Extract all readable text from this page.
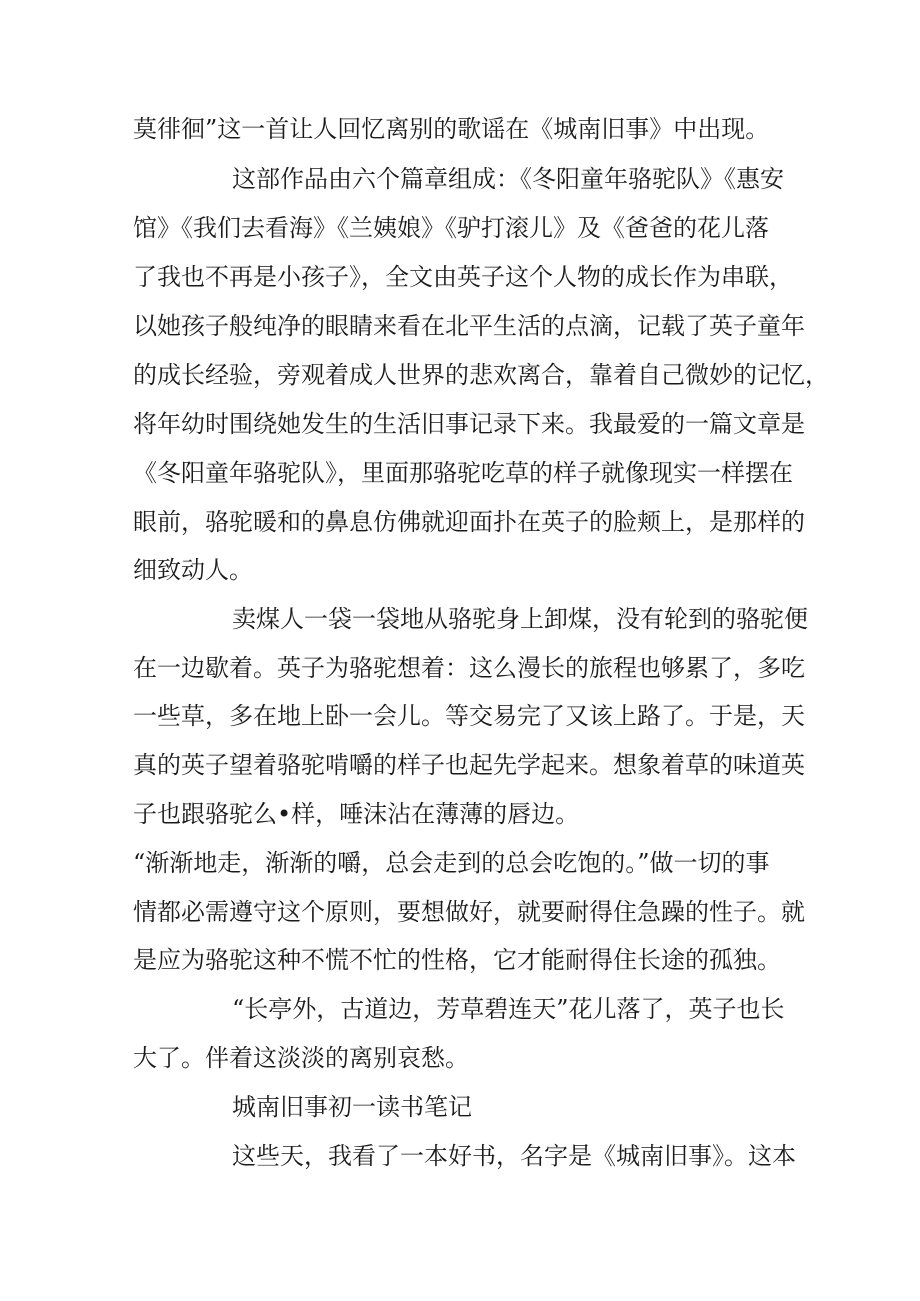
莫徘徊”这一首让人回忆离别的歌谣在《城南旧事》中出现。
这部作品由六个篇章组成：《冬阳童年骆驼队》《惠安
馆》《我们去看海》《兰姨娘》《驴打滚儿》及《爸爸的花儿落
了我也不再是小孩子》，全文由英子这个人物的成长作为串联，
以她孩子般纯净的眼睛来看在北平生活的点滴，记载了英子童年
的成长经验，旁观着成人世界的悲欢离合，靠着自己微妙的记忆，
将年幼时围绕她发生的生活旧事记录下来。我最爱的一篇文章是
《冬阳童年骆驼队》，里面那骆驼吃草的样子就像现实一样摆在
眼前，骆驼暖和的鼻息仿佛就迎面扑在英子的脸颊上，是那样的
细致动人。
卖煤人一袋一袋地从骆驼身上卸煤，没有轮到的骆驼便
在一边歇着。英子为骆驼想着：这么漫长的旅程也够累了，多吃
一些草，多在地上卧一会儿。等交易完了又该上路了。于是，天
真的英子望着骆驼啃嚼的样子也起先学起来。想象着草的味道英
子也跟骆驼么•样，唾沫沾在薄薄的唇边。
“渐渐地走，渐渐的嚼，总会走到的总会吃饱的。”做一切的事
情都必需遵守这个原则，要想做好，就要耐得住急躁的性子。就
是应为骆驼这种不慌不忙的性格，它才能耐得住长途的孤独。
“长亭外，古道边，芳草碧连天”花儿落了，英子也长
大了。伴着这淡淡的离别哀愁。
城南旧事初一读书笔记
这些天，我看了一本好书，名字是《城南旧事》。这本
